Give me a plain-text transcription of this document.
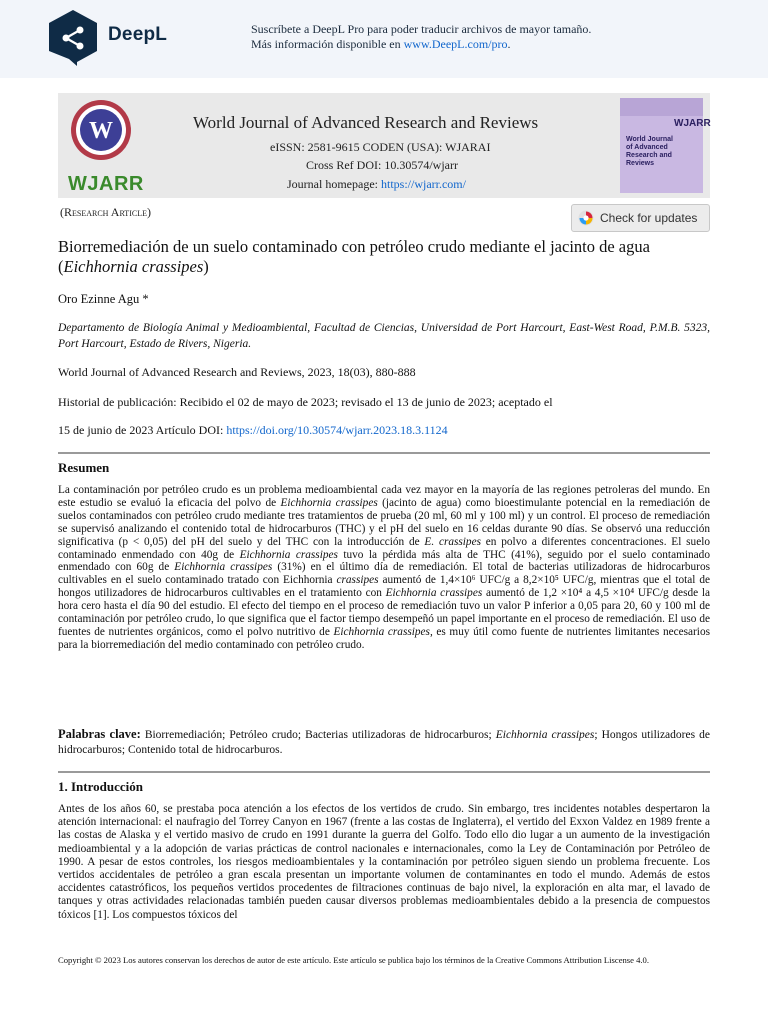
DeepL	Suscríbete a DeepL Pro para poder traducir archivos de mayor tamaño.
Más información disponible en www.DeepL.com/pro.
W
WJARR
World Journal of Advanced Research and Reviews
eISSN: 2581-9615 CODEN (USA): WJARAI
Cross Ref DOI: 10.30574/wjarr
Journal homepage: https://wjarr.com/
WJARR
World Journal of Advanced Research and Reviews
(Research Article)	Check for updates
Biorremediación de un suelo contaminado con petróleo crudo mediante el jacinto de agua (Eichhornia crassipes)
Oro Ezinne Agu *
Departamento de Biología Animal y Medioambiental, Facultad de Ciencias, Universidad de Port Harcourt, East-West Road, P.M.B. 5323, Port Harcourt, Estado de Rivers, Nigeria.
World Journal of Advanced Research and Reviews, 2023, 18(03), 880-888
Historial de publicación: Recibido el 02 de mayo de 2023; revisado el 13 de junio de 2023; aceptado el
15 de junio de 2023 Artículo DOI: https://doi.org/10.30574/wjarr.2023.18.3.1124
Resumen
La contaminación por petróleo crudo es un problema medioambiental cada vez mayor en la mayoría de las regiones petroleras del mundo. En este estudio se evaluó la eficacia del polvo de Eichhornia crassipes (jacinto de agua) como bioestimulante potencial en la remediación de suelos contaminados con petróleo crudo mediante tres tratamientos de prueba (20 ml, 60 ml y 100 ml) y un control. El proceso de remediación se supervisó analizando el contenido total de hidrocarburos (THC) y el pH del suelo en 16 celdas durante 90 días. Se observó una reducción significativa (p < 0,05) del pH del suelo y del THC con la introducción de E. crassipes en polvo a diferentes concentraciones. El suelo contaminado enmendado con 40g de Eichhornia crassipes tuvo la pérdida más alta de THC (41%), seguido por el suelo contaminado enmendado con 60g de Eichhornia crassipes (31%) en el último día de remediación. El total de bacterias utilizadoras de hidrocarburos cultivables en el suelo contaminado tratado con Eichhornia crassipes aumentó de 1,4×10⁶ UFC/g a 8,2×10⁵ UFC/g, mientras que el total de hongos utilizadores de hidrocarburos cultivables en el tratamiento con Eichhornia crassipes aumentó de 1,2 ×10⁴ a 4,5 ×10⁴ UFC/g desde la hora cero hasta el día 90 del estudio. El efecto del tiempo en el proceso de remediación tuvo un valor P inferior a 0,05 para 20, 60 y 100 ml de contaminación por petróleo crudo, lo que significa que el factor tiempo desempeñó un papel importante en el proceso de remediación. El uso de fuentes de nutrientes orgánicos, como el polvo nutritivo de Eichhornia crassipes, es muy útil como fuente de nutrientes limitantes necesarios para la biorremediación del medio contaminado con petróleo crudo.
Palabras clave: Biorremediación; Petróleo crudo; Bacterias utilizadoras de hidrocarburos; Eichhornia crassipes; Hongos utilizadores de hidrocarburos; Contenido total de hidrocarburos.
1. Introducción
Antes de los años 60, se prestaba poca atención a los efectos de los vertidos de crudo. Sin embargo, tres incidentes notables despertaron la atención internacional: el naufragio del Torrey Canyon en 1967 (frente a las costas de Inglaterra), el vertido del Exxon Valdez en 1989 frente a las costas de Alaska y el vertido masivo de crudo en 1991 durante la guerra del Golfo. Todo ello dio lugar a un aumento de la investigación medioambiental y a la adopción de varias prácticas de control nacionales e internacionales, como la Ley de Contaminación por Petróleo de 1990. A pesar de estos controles, los riesgos medioambientales y la contaminación por petróleo siguen siendo un problema frecuente. Los vertidos accidentales de petróleo a gran escala presentan un importante volumen de contaminantes en todo el mundo. Además de estos accidentes catastróficos, los pequeños vertidos procedentes de filtraciones continuas de bajo nivel, la exploración en alta mar, el lavado de tanques y otras actividades relacionadas también pueden causar diversos problemas medioambientales debido a la presencia de compuestos tóxicos [1]. Los compuestos tóxicos del
Copyright © 2023 Los autores conservan los derechos de autor de este artículo. Este artículo se publica bajo los términos de la Creative Commons Attribution Liscense 4.0.
